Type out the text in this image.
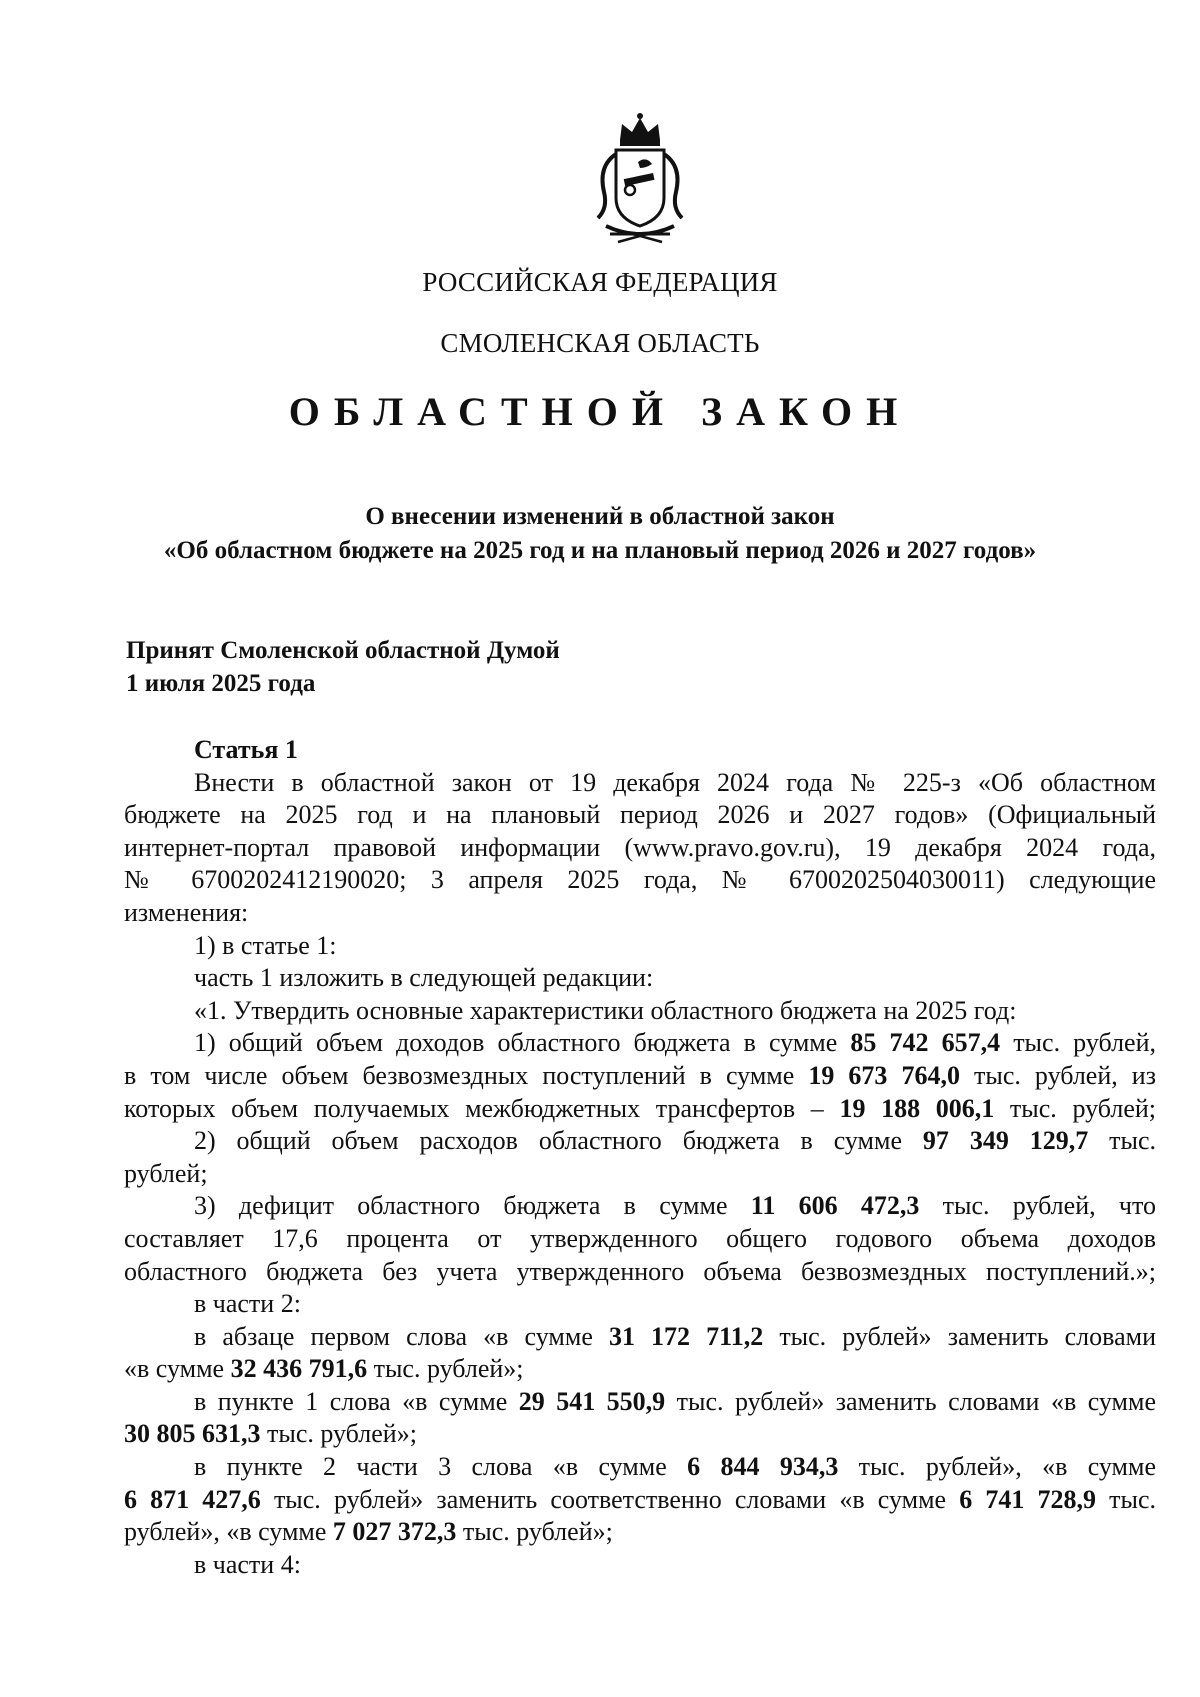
РОССИЙСКАЯ ФЕДЕРАЦИЯ
СМОЛЕНСКАЯ ОБЛАСТЬ
ОБЛАСТНОЙ ЗАКОН
О внесении изменений в областной закон
«Об областном бюджете на 2025 год и на плановый период 2026 и 2027 годов»
Принят Смоленской областной Думой
1 июля 2025 года

Статья 1

Внести в областной закон от 19 декабря 2024 года № 225-з «Об областном

бюджете на 2025 год и на плановый период 2026 и 2027 годов» (Официальный

интернет-портал правовой информации (www.pravo.gov.ru), 19 декабря 2024 года,

№ 6700202412190020; 3 апреля 2025 года, № 6700202504030011) следующие

изменения:

1) в статье 1:

часть 1 изложить в следующей редакции:

«1. Утвердить основные характеристики областного бюджета на 2025 год:

1) общий объем доходов областного бюджета в сумме 85 742 657,4 тыс. рублей,

в том числе объем безвозмездных поступлений в сумме 19 673 764,0 тыс. рублей, из

которых объем получаемых межбюджетных трансфертов – 19 188 006,1 тыс. рублей;

2) общий объем расходов областного бюджета в сумме 97 349 129,7 тыс.

рублей;

3) дефицит областного бюджета в сумме 11 606 472,3 тыс. рублей, что

составляет 17,6 процента от утвержденного общего годового объема доходов

областного бюджета без учета утвержденного объема безвозмездных поступлений.»;

в части 2:

в абзаце первом слова «в сумме 31 172 711,2 тыс. рублей» заменить словами

«в сумме 32 436 791,6 тыс. рублей»;

в пункте 1 слова «в сумме 29 541 550,9 тыс. рублей» заменить словами «в сумме

30 805 631,3 тыс. рублей»;

в пункте 2 части 3 слова «в сумме 6 844 934,3 тыс. рублей», «в сумме

6 871 427,6 тыс. рублей» заменить соответственно словами «в сумме 6 741 728,9 тыс.

рублей», «в сумме 7 027 372,3 тыс. рублей»;

в части 4:
